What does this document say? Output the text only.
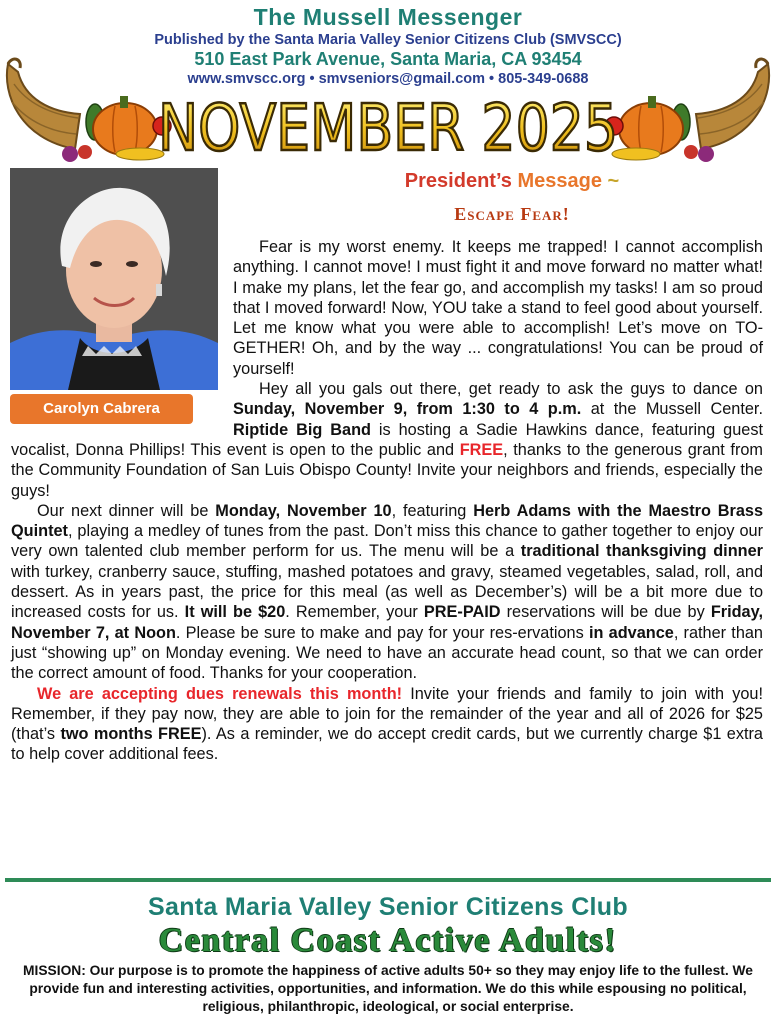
The Mussell Messenger
Published by the Santa Maria Valley Senior Citizens Club (SMVSCC)
510 East Park Avenue, Santa Maria, CA 93454
www.smvscc.org • smvseniors@gmail.com • 805-349-0688
NOVEMBER 2025
Carolyn Cabrera
President’s Message ~
Escape Fear!

Fear is my worst enemy. It keeps me trapped! I cannot accomplish anything. I cannot move! I must fight it and move forward no matter what! I make my plans, let the fear go, and accomplish my tasks! I am so proud that I moved forward! Now, YOU take a stand to feel good about yourself. Let me know what you were able to accomplish! Let’s move on TO-GETHER! Oh, and by the way ... congratulations! You can be proud of yourself!

Hey all you gals out there, get ready to ask the guys to dance on Sunday, November 9, from 1:30 to 4 p.m. at the Mussell Center. Riptide Big Band is hosting a Sadie Hawkins dance, featuring guest vocalist, Donna Phillips! This event is open to the public and FREE, thanks to the generous grant from the Community Foundation of San Luis Obispo County! Invite your neighbors and friends, especially the guys!

Our next dinner will be Monday, November 10, featuring Herb Adams with the Maestro Brass Quintet, playing a medley of tunes from the past. Don’t miss this chance to gather together to enjoy our very own talented club member perform for us. The menu will be a traditional thanksgiving dinner with turkey, cranberry sauce, stuffing, mashed potatoes and gravy, steamed vegetables, salad, roll, and dessert. As in years past, the price for this meal (as well as December’s) will be a bit more due to increased costs for us. It will be $20. Remember, your PRE-PAID reservations will be due by Friday, November 7, at Noon. Please be sure to make and pay for your res-ervations in advance, rather than just “showing up” on Monday evening. We need to have an accurate head count, so that we can order the correct amount of food. Thanks for your cooperation.

We are accepting dues renewals this month! Invite your friends and family to join with you! Remember, if they pay now, they are able to join for the remainder of the year and all of 2026 for $25 (that’s two months FREE). As a reminder, we do accept credit cards, but we currently charge $1 extra to help cover additional fees.

Santa Maria Valley Senior Citizens Club
Central Coast Active Adults!
MISSION: Our purpose is to promote the happiness of active adults 50+ so they may enjoy life to the fullest. We provide fun and interesting activities, opportunities, and information. We do this while espousing no political, religious, philanthropic, ideological, or social enterprise.
